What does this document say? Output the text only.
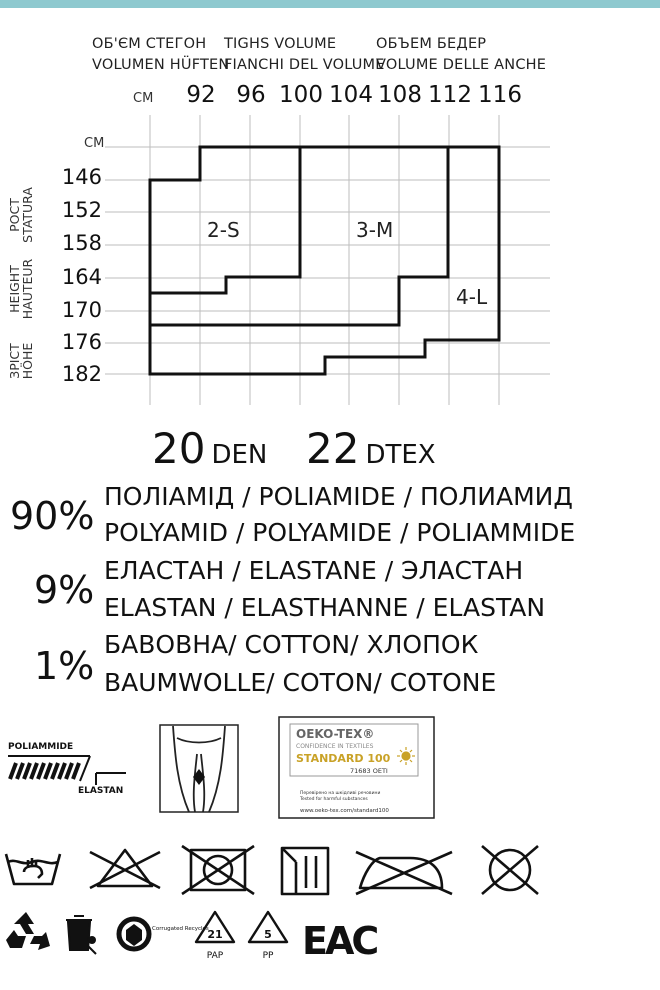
ОБ'ЄМ СТЕГОН
VOLUMEN HÜFTEN
TIGHS VOLUME
FIANCHI DEL VOLUME
ОБЪЕМ БЕДЕР
VOLUME DELLE ANCHE
СМ
СМ
92 96 100 104 108 112 116
146
152
158
164
170
176
182
РОСТ
STATURA
HEIGHT
HAUTEUR
ЗРІСТ
HÖHE
2-S	3-M
4-L
20 DEN 22 DTEX
90% ПОЛІАМІД / POLIAMIDE / ПОЛИАМИД
POLYAMID / POLYAMIDE / POLIAMMIDE
9% ЕЛАСТАН / ELASTANE / ЭЛАСТАН
ELASTAN / ELASTHANNE / ELASTAN
1% БАВОВНА/ COTTON/ ХЛОПОК
BAUMWOLLE/ COTON/ COTONE
POLIAMMIDE
ELASTAN
OEKO-TEX®
CONFIDENCE IN TEXTILES
STANDARD 100
71683 OETI
Перевірено на шкідливі речовини
Tested for harmful substances
www.oeko-tex.com/standard100
Corrugated Recycles
21
PAP
5
PP EAC
